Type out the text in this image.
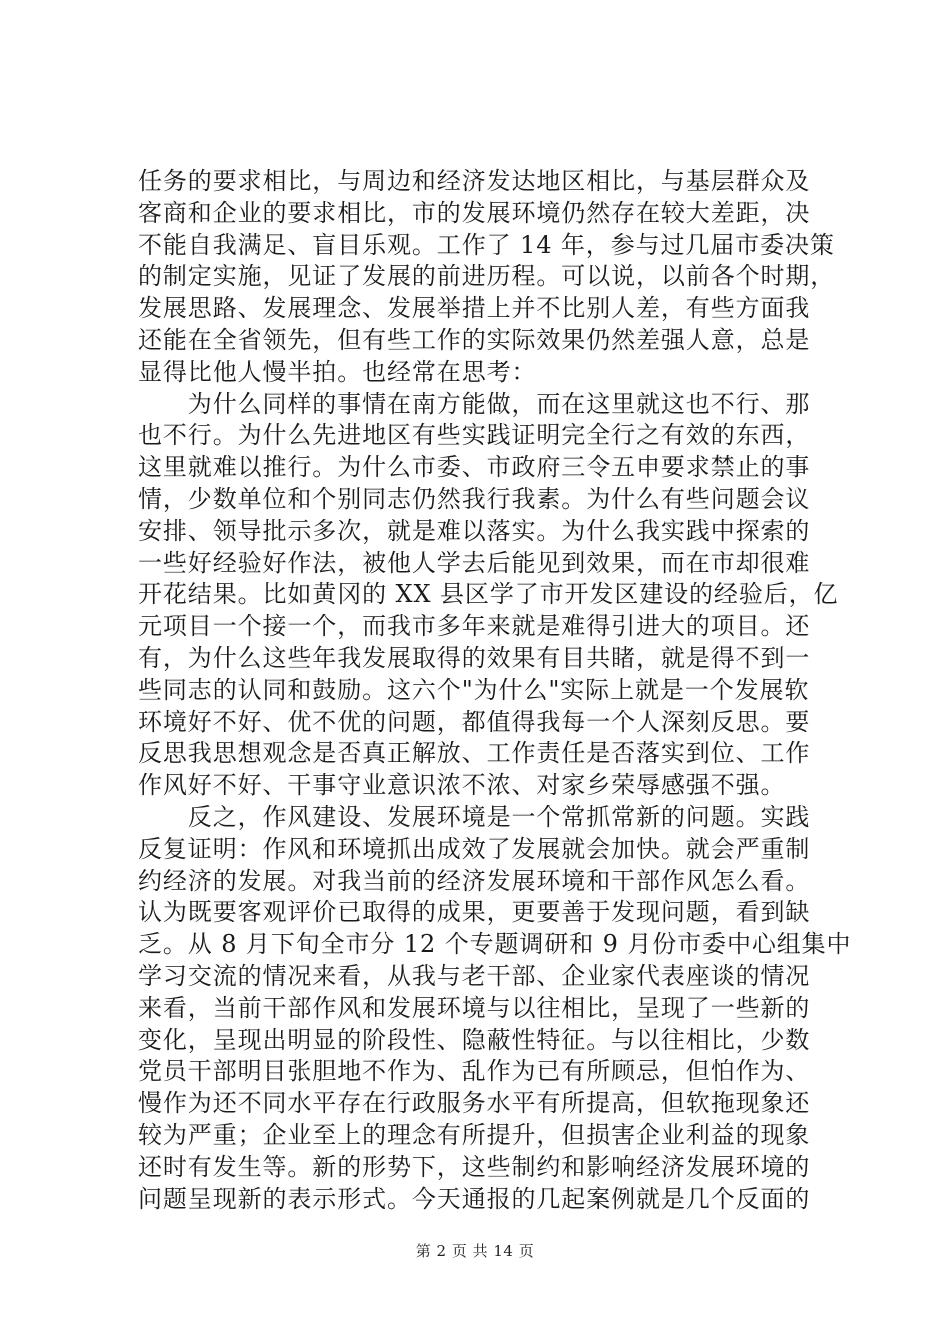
任务的要求相比，与周边和经济发达地区相比，与基层群众及
客商和企业的要求相比，市的发展环境仍然存在较大差距，决
不能自我满足、盲目乐观。工作了 14 年，参与过几届市委决策
的制定实施，见证了发展的前进历程。可以说，以前各个时期，
发展思路、发展理念、发展举措上并不比别人差，有些方面我
还能在全省领先，但有些工作的实际效果仍然差强人意，总是
显得比他人慢半拍。也经常在思考：
　　为什么同样的事情在南方能做，而在这里就这也不行、那
也不行。为什么先进地区有些实践证明完全行之有效的东西，
这里就难以推行。为什么市委、市政府三令五申要求禁止的事
情，少数单位和个别同志仍然我行我素。为什么有些问题会议
安排、领导批示多次，就是难以落实。为什么我实践中探索的
一些好经验好作法，被他人学去后能见到效果，而在市却很难
开花结果。比如黄冈的 XX 县区学了市开发区建设的经验后，亿
元项目一个接一个，而我市多年来就是难得引进大的项目。还
有，为什么这些年我发展取得的效果有目共睹，就是得不到一
些同志的认同和鼓励。这六个"为什么"实际上就是一个发展软
环境好不好、优不优的问题，都值得我每一个人深刻反思。要
反思我思想观念是否真正解放、工作责任是否落实到位、工作
作风好不好、干事守业意识浓不浓、对家乡荣辱感强不强。
　　反之，作风建设、发展环境是一个常抓常新的问题。实践
反复证明：作风和环境抓出成效了发展就会加快。就会严重制
约经济的发展。对我当前的经济发展环境和干部作风怎么看。
认为既要客观评价已取得的成果，更要善于发现问题，看到缺
乏。从 8 月下旬全市分 12 个专题调研和 9 月份市委中心组集中
学习交流的情况来看，从我与老干部、企业家代表座谈的情况
来看，当前干部作风和发展环境与以往相比，呈现了一些新的
变化，呈现出明显的阶段性、隐蔽性特征。与以往相比，少数
党员干部明目张胆地不作为、乱作为已有所顾忌，但怕作为、
慢作为还不同水平存在行政服务水平有所提高，但软拖现象还
较为严重；企业至上的理念有所提升，但损害企业利益的现象
还时有发生等。新的形势下，这些制约和影响经济发展环境的
问题呈现新的表示形式。今天通报的几起案例就是几个反面的
第 2 页 共 14 页
